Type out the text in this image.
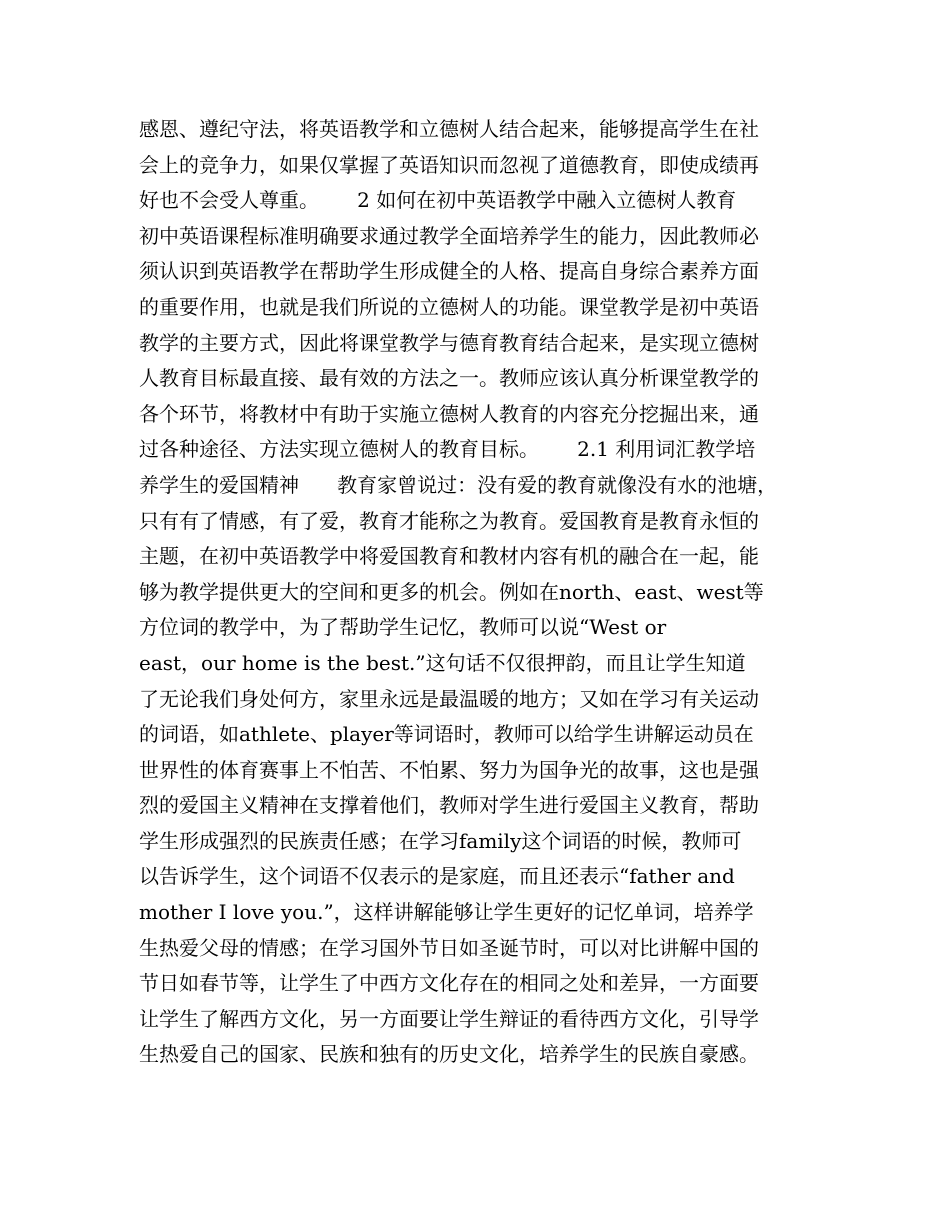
感恩、遵纪守法，将英语教学和立德树人结合起来，能够提高学生在社
会上的竞争力，如果仅掌握了英语知识而忽视了道德教育，即使成绩再
好也不会受人尊重。      2 如何在初中英语教学中融入立德树人教育
初中英语课程标准明确要求通过教学全面培养学生的能力，因此教师必
须认识到英语教学在帮助学生形成健全的人格、提高自身综合素养方面
的重要作用，也就是我们所说的立德树人的功能。课堂教学是初中英语
教学的主要方式，因此将课堂教学与德育教育结合起来，是实现立德树
人教育目标最直接、最有效的方法之一。教师应该认真分析课堂教学的
各个环节，将教材中有助于实施立德树人教育的内容充分挖掘出来，通
过各种途径、方法实现立德树人的教育目标。      2.1 利用词汇教学培
养学生的爱国精神      教育家曾说过：没有爱的教育就像没有水的池塘，
只有有了情感，有了爱，教育才能称之为教育。爱国教育是教育永恒的
主题，在初中英语教学中将爱国教育和教材内容有机的融合在一起，能
够为教学提供更大的空间和更多的机会。例如在north、east、west等
方位词的教学中，为了帮助学生记忆，教师可以说“West or
east，our home is the best.”这句话不仅很押韵，而且让学生知道
了无论我们身处何方，家里永远是最温暖的地方；又如在学习有关运动
的词语，如athlete、player等词语时，教师可以给学生讲解运动员在
世界性的体育赛事上不怕苦、不怕累、努力为国争光的故事，这也是强
烈的爱国主义精神在支撑着他们，教师对学生进行爱国主义教育，帮助
学生形成强烈的民族责任感；在学习family这个词语的时候，教师可
以告诉学生，这个词语不仅表示的是家庭，而且还表示“father and
mother I love you.”，这样讲解能够让学生更好的记忆单词，培养学
生热爱父母的情感；在学习国外节日如圣诞节时，可以对比讲解中国的
节日如春节等，让学生了中西方文化存在的相同之处和差异，一方面要
让学生了解西方文化，另一方面要让学生辩证的看待西方文化，引导学
生热爱自己的国家、民族和独有的历史文化，培养学生的民族自豪感。
